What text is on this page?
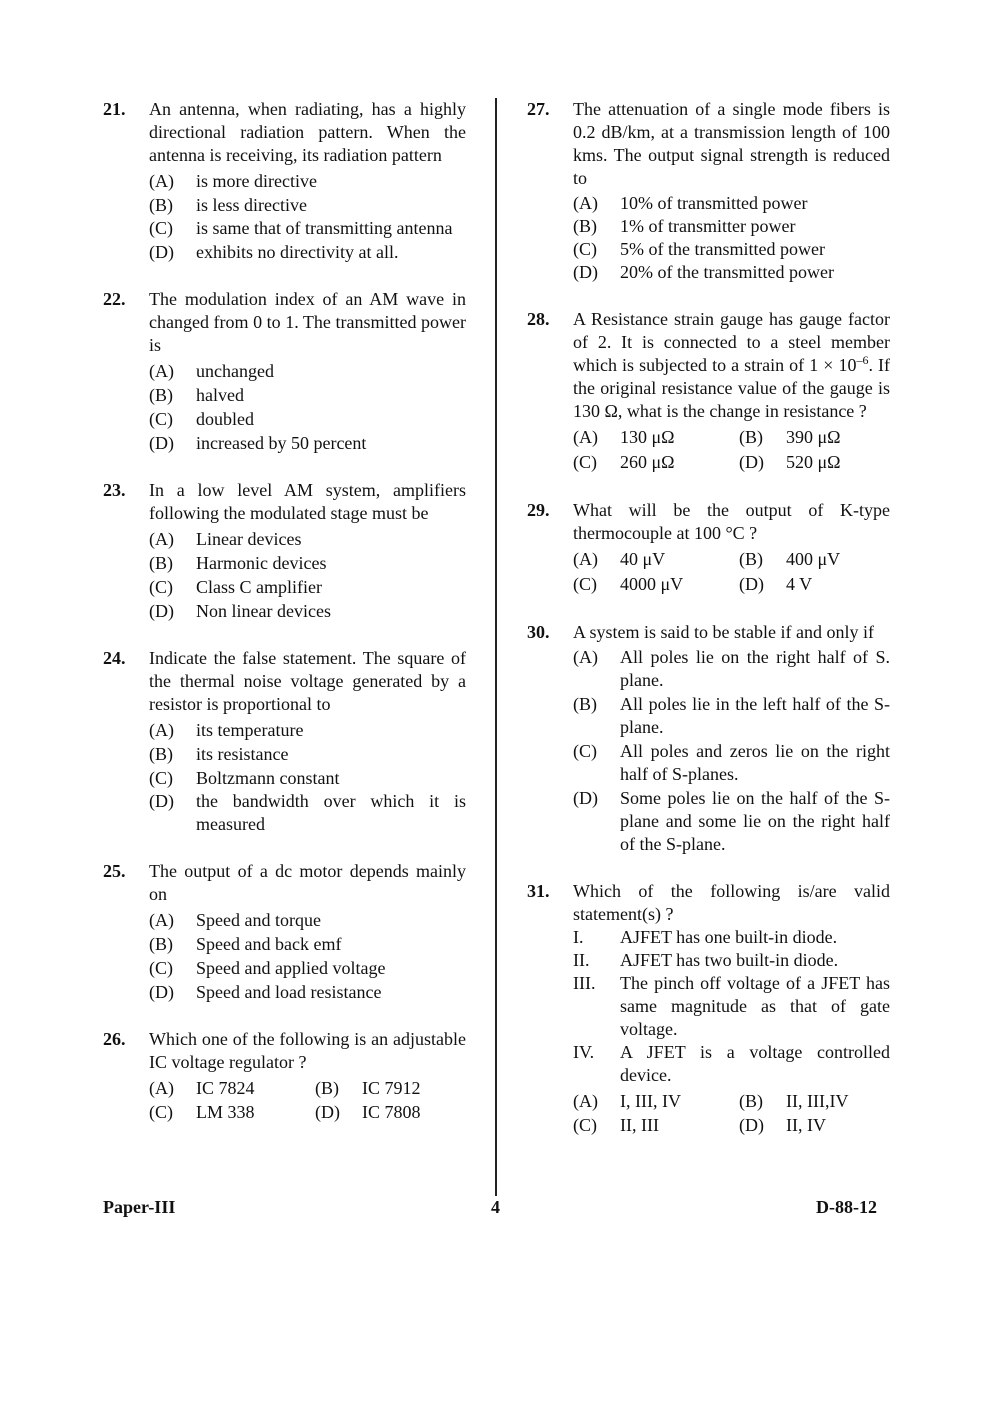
21. An antenna, when radiating, has a highly directional radiation pattern. When the antenna is receiving, its radiation pattern
(A)	is more directive
(B)	is less directive
(C)	is same that of transmitting antenna
(D)	exhibits no directivity at all.
22. The modulation index of an AM wave in changed from 0 to 1. The transmitted power is
(A)	unchanged
(B)	halved
(C)	doubled
(D)	increased by 50 percent
23. In a low level AM system, amplifiers following the modulated stage must be
(A)	Linear devices
(B)	Harmonic devices
(C)	Class C amplifier
(D)	Non linear devices
24. Indicate the false statement. The square of the thermal noise voltage generated by a resistor is proportional to
(A)	its temperature
(B)	its resistance
(C)	Boltzmann constant
(D)	the bandwidth over which it is measured
25. The output of a dc motor depends mainly on
(A)	Speed and torque
(B)	Speed and back emf
(C)	Speed and applied voltage
(D)	Speed and load resistance
26. Which one of the following is an adjustable IC voltage regulator ?
(A)	IC 7824	(B)	IC 7912
(C)	LM 338	(D)	IC 7808
27. The attenuation of a single mode fibers is 0.2 dB/km, at a transmission length of 100 kms. The output signal strength is reduced to
(A)	10% of transmitted power
(B)	1% of transmitter power
(C)	5% of the transmitted power
(D)	20% of the transmitted power
28. A Resistance strain gauge has gauge factor of 2. It is connected to a steel member which is subjected to a strain of $1 \times 10^{-6}$. If the original resistance value of the gauge is 130 Ω, what is the change in resistance ?
(A)	130 μΩ	(B)	390 μΩ
(C)	260 μΩ	(D)	520 μΩ
29. What will be the output of K-type thermocouple at 100 °C ?
(A)	40 μV	(B)	400 μV
(C)	4000 μV	(D)	4 V
30. A system is said to be stable if and only if
(A)	All poles lie on the right half of S. plane.
(B)	All poles lie in the left half of the S-plane.
(C)	All poles and zeros lie on the right half of S-planes.
(D)	Some poles lie on the half of the S-plane and some lie on the right half of the S-plane.
31. Which of the following is/are valid statement(s) ?
I.	AJFET has one built-in diode.
II.	AJFET has two built-in diode.
III.	The pinch off voltage of a JFET has same magnitude as that of gate voltage.
IV.	A JFET is a voltage controlled device.
(A)	I, III, IV	(B)	II, III,IV
(C)	II, III	(D)	II, IV
Paper-III	4	D-88-12
